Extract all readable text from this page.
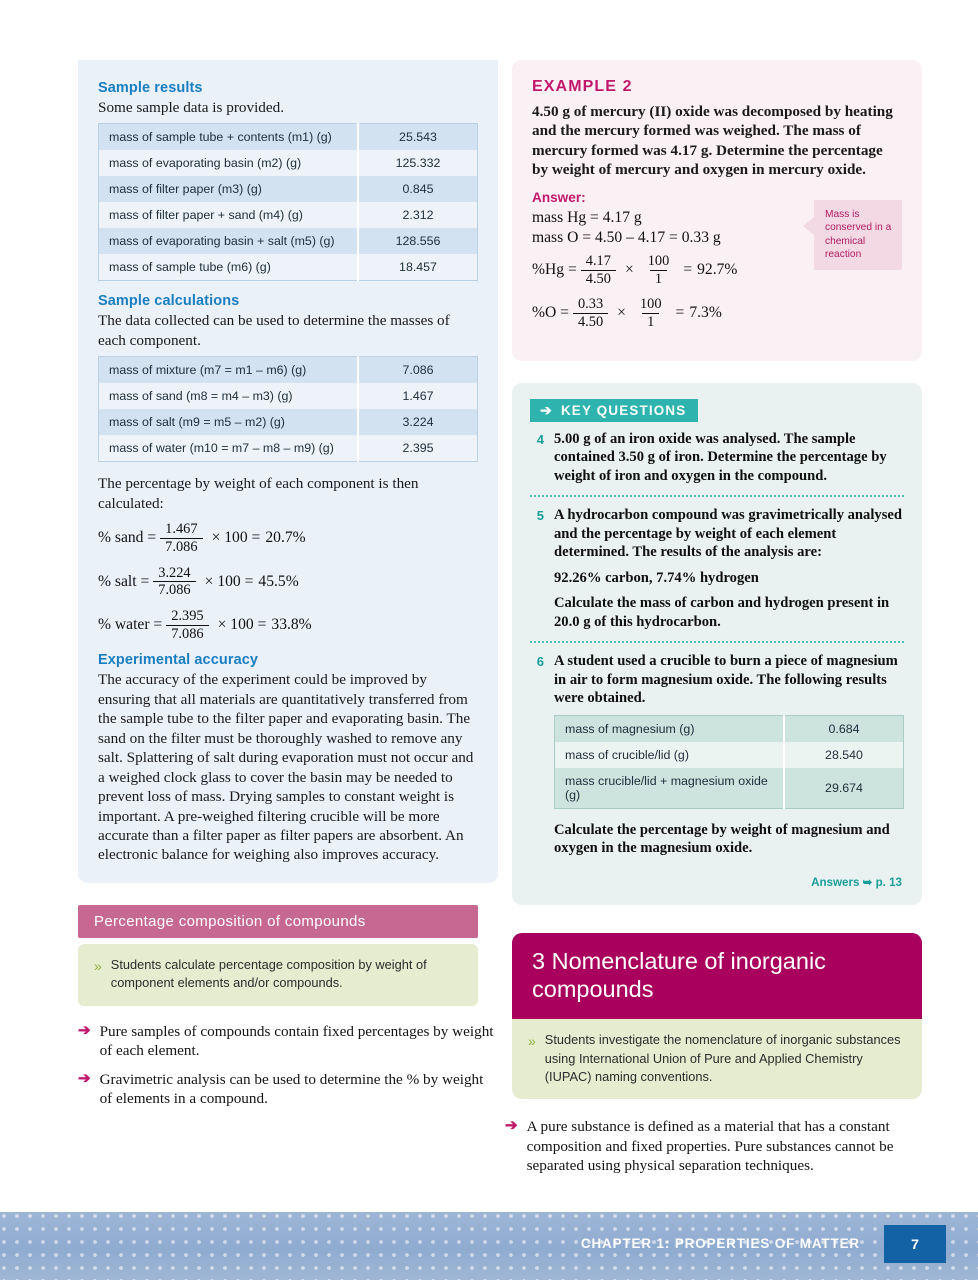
Sample results

Some sample data is provided.

mass of sample tube + contents (m1) (g)	25.543
mass of evaporating basin (m2) (g)	125.332
mass of filter paper (m3) (g)	0.845
mass of filter paper + sand (m4) (g)	2.312
mass of evaporating basin + salt (m5) (g)	128.556
mass of sample tube (m6) (g)	18.457
Sample calculations

The data collected can be used to determine the masses of each component.

mass of mixture (m7 = m1 – m6) (g)	7.086
mass of sand (m8 = m4 – m3) (g)	1.467
mass of salt (m9 = m5 – m2) (g)	3.224
mass of water (m10 = m7 – m8 – m9) (g)	2.395

The percentage by weight of each component is then calculated:

% sand = $\frac{1.467}{7.086} \times 100 = 20.7\%$
% salt = $\frac{3.224}{7.086} \times 100 = 45.5\%$
% water = $\frac{2.395}{7.086} \times 100 = 33.8\%$
Experimental accuracy

The accuracy of the experiment could be improved by ensuring that all materials are quantitatively transferred from the sample tube to the filter paper and evaporating basin. The sand on the filter must be thoroughly washed to remove any salt. Splattering of salt during evaporation must not occur and a weighed clock glass to cover the basin may be needed to prevent loss of mass. Drying samples to constant weight is important. A pre-weighed filtering crucible will be more accurate than a filter paper as filter papers are absorbent. An electronic balance for weighing also improves accuracy.

Percentage composition of compounds
» Students calculate percentage composition by weight of component elements and/or compounds.

➔ Pure samples of compounds contain fixed percentages by weight of each element.

➔ Gravimetric analysis can be used to determine the % by weight of elements in a compound.

EXAMPLE 2

4.50 g of mercury (II) oxide was decomposed by heating and the mercury formed was weighed. The mass of mercury formed was 4.17 g. Determine the percentage by weight of mercury and oxygen in mercury oxide.

Answer:
mass Hg = 4.17 g
mass O = 4.50 – 4.17 = 0.33 g
$\%Hg = \frac{4.17}{4.50} \times \frac{100}{1} = 92.7\%$
$\%O = \frac{0.33}{4.50} \times \frac{100}{1} = 7.3\%$
Mass is conserved in a chemical reaction
➔ KEY QUESTIONS
4 5.00 g of an iron oxide was analysed. The sample contained 3.50 g of iron. Determine the percentage by weight of iron and oxygen in the compound.

5 A hydrocarbon compound was gravimetrically analysed and the percentage by weight of each element determined. The results of the analysis are:

92.26% carbon, 7.74% hydrogen

Calculate the mass of carbon and hydrogen present in 20.0 g of this hydrocarbon.

6 A student used a crucible to burn a piece of magnesium in air to form magnesium oxide. The following results were obtained.

mass of magnesium (g)	0.684
mass of crucible/lid (g)	28.540
mass crucible/lid + magnesium oxide (g)	29.674

Calculate the percentage by weight of magnesium and oxygen in the magnesium oxide.

Answers ➥ p. 13
3 Nomenclature of inorganic compounds
» Students investigate the nomenclature of inorganic substances using International Union of Pure and Applied Chemistry (IUPAC) naming conventions.

➔ A pure substance is defined as a material that has a constant composition and fixed properties. Pure substances cannot be separated using physical separation techniques.

CHAPTER 1: PROPERTIES OF MATTER	7
